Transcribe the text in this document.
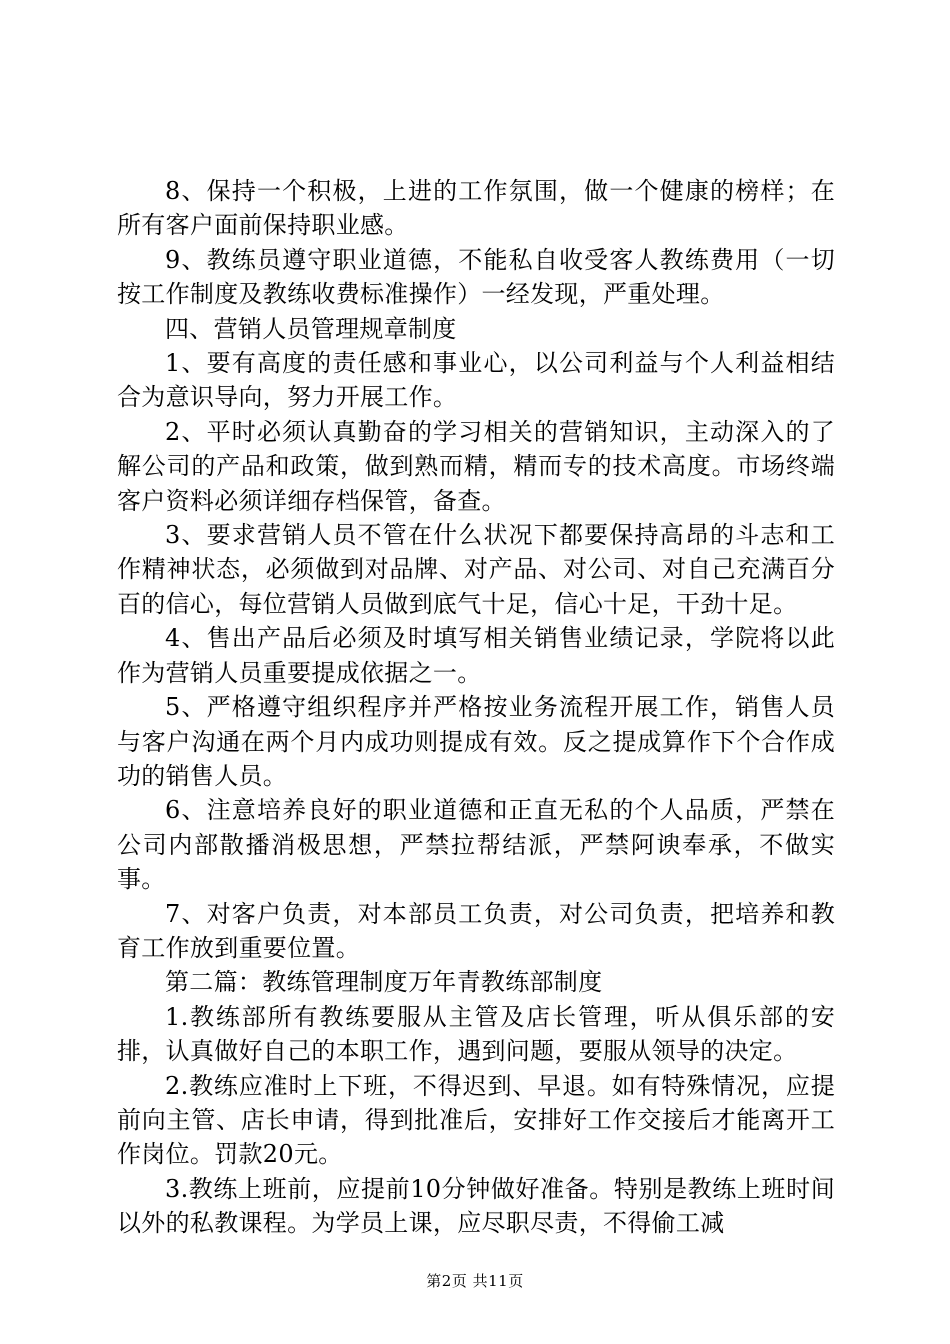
8、保持一个积极，上进的工作氛围，做一个健康的榜样；在所有客户面前保持职业感。

9、教练员遵守职业道德，不能私自收受客人教练费用（一切按工作制度及教练收费标准操作）一经发现，严重处理。

四、营销人员管理规章制度

1、要有高度的责任感和事业心，以公司利益与个人利益相结合为意识导向，努力开展工作。

2、平时必须认真勤奋的学习相关的营销知识，主动深入的了解公司的产品和政策，做到熟而精，精而专的技术高度。市场终端客户资料必须详细存档保管，备查。

3、要求营销人员不管在什么状况下都要保持高昂的斗志和工作精神状态，必须做到对品牌、对产品、对公司、对自己充满百分百的信心，每位营销人员做到底气十足，信心十足，干劲十足。

4、售出产品后必须及时填写相关销售业绩记录，学院将以此作为营销人员重要提成依据之一。

5、严格遵守组织程序并严格按业务流程开展工作，销售人员与客户沟通在两个月内成功则提成有效。反之提成算作下个合作成功的销售人员。

6、注意培养良好的职业道德和正直无私的个人品质，严禁在公司内部散播消极思想，严禁拉帮结派，严禁阿谀奉承，不做实事。

7、对客户负责，对本部员工负责，对公司负责，把培养和教育工作放到重要位置。

第二篇：教练管理制度万年青教练部制度

1.教练部所有教练要服从主管及店长管理，听从俱乐部的安排，认真做好自己的本职工作，遇到问题，要服从领导的决定。

2.教练应准时上下班，不得迟到、早退。如有特殊情况，应提前向主管、店长申请，得到批准后，安排好工作交接后才能离开工作岗位。罚款20元。

3.教练上班前，应提前10分钟做好准备。特别是教练上班时间以外的私教课程。为学员上课，应尽职尽责，不得偷工减

第2页 共11页
